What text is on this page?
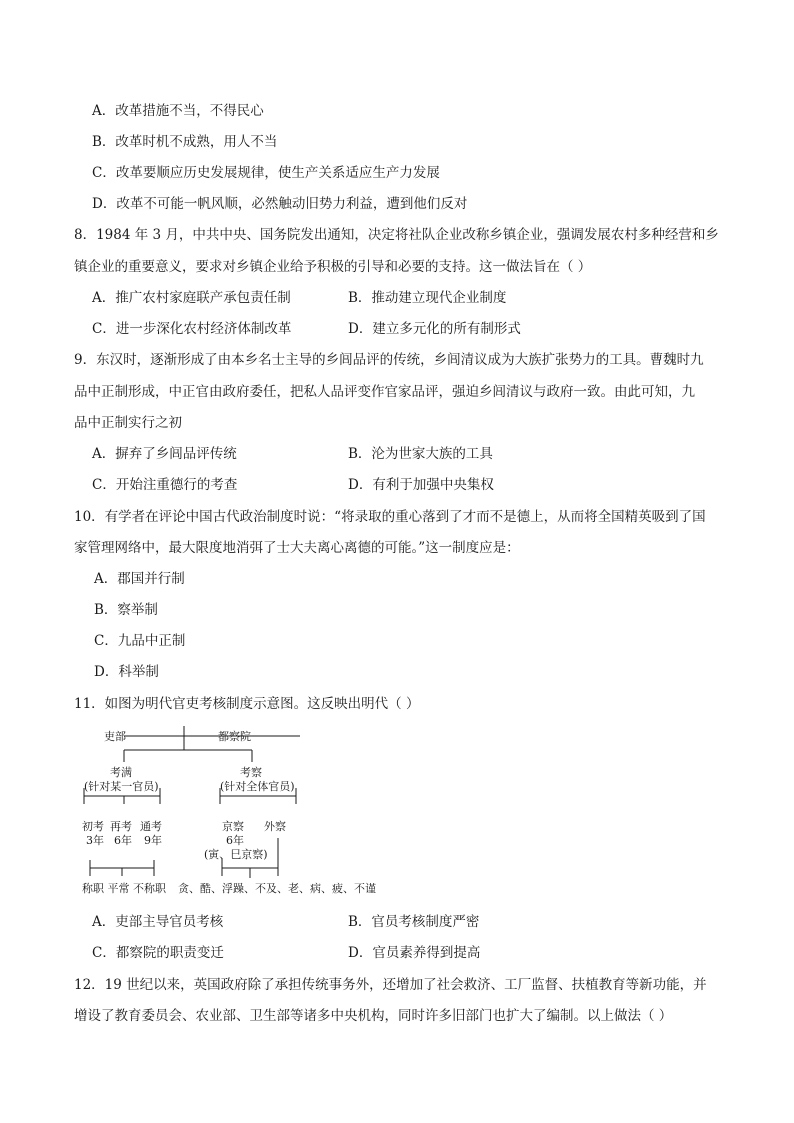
A．改革措施不当，不得民心
B．改革时机不成熟，用人不当
C．改革要顺应历史发展规律，使生产关系适应生产力发展
D．改革不可能一帆风顺，必然触动旧势力利益，遭到他们反对
8．1984 年 3 月，中共中央、国务院发出通知，决定将社队企业改称乡镇企业，强调发展农村多种经营和乡
镇企业的重要意义，要求对乡镇企业给予积极的引导和必要的支持。这一做法旨在（ ）
A．推广农村家庭联产承包责任制	B．推动建立现代企业制度
C．进一步深化农村经济体制改革	D．建立多元化的所有制形式
9．东汉时，逐渐形成了由本乡名士主导的乡闾品评的传统，乡闾清议成为大族扩张势力的工具。曹魏时九
品中正制形成，中正官由政府委任，把私人品评变作官家品评，强迫乡闾清议与政府一致。由此可知，九
品中正制实行之初
A．摒弃了乡闾品评传统	B．沦为世家大族的工具
C．开始注重德行的考查	D．有利于加强中央集权
10．有学者在评论中国古代政治制度时说：“将录取的重心落到了才而不是德上，从而将全国精英吸到了国
家管理网络中，最大限度地消弭了士大夫离心离德的可能。”这一制度应是：
A．郡国并行制
B．察举制
C．九品中正制
D．科举制
11．如图为明代官吏考核制度示意图。这反映出明代（ ）
吏部	都察院
考满
(针对某一官员)
考察
(针对全体官员)
初考
3年
再考
6年
通考
9年
京察
6年
(寅、巳京察)
外察
称职 平常 不称职 贪、酷、浮躁、不及、老、病、疲、不谨
A．吏部主导官员考核	B．官员考核制度严密
C．都察院的职责变迁	D．官员素养得到提高
12．19 世纪以来，英国政府除了承担传统事务外，还增加了社会救济、工厂监督、扶植教育等新功能，并
增设了教育委员会、农业部、卫生部等诸多中央机构，同时许多旧部门也扩大了编制。以上做法（ ）
